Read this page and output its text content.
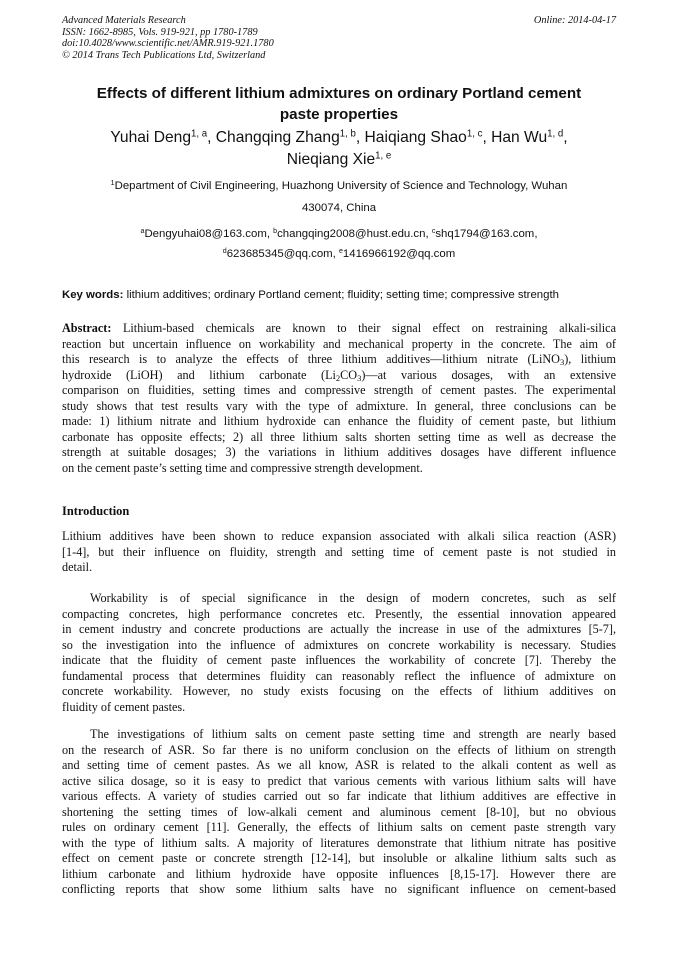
Advanced Materials Research
ISSN: 1662-8985, Vols. 919-921, pp 1780-1789
doi:10.4028/www.scientific.net/AMR.919-921.1780
© 2014 Trans Tech Publications Ltd, Switzerland
Online: 2014-04-17
Effects of different lithium admixtures on ordinary Portland cement
paste properties
Yuhai Deng$^{1, a}$, Changqing Zhang$^{1, b}$, Haiqiang Shao$^{1, c}$, Han Wu$^{1, d}$,
Nieqiang Xie$^{1, e}$
$^1$Department of Civil Engineering, Huazhong University of Science and Technology, Wuhan
430074, China
$^a$Dengyuhai08@163.com, $^b$changqing2008@hust.edu.cn, $^c$shq1794@163.com,
$^d$623685345@qq.com, $^e$1416966192@qq.com
Key words: lithium additives; ordinary Portland cement; fluidity; setting time; compressive strength
Abstract: Lithium-based chemicals are known to their signal effect on restraining alkali-silica
reaction but uncertain influence on workability and mechanical property in the concrete. The aim of
this research is to analyze the effects of three lithium additives—lithium nitrate (LiNO$_3$), lithium
hydroxide (LiOH) and lithium carbonate $(Li_2CO_3)—at$ various dosages, with an extensive
comparison on fluidities, setting times and compressive strength of cement pastes. The experimental
study shows that test results vary with the type of admixture. In general, three conclusions can be
made: 1) lithium nitrate and lithium hydroxide can enhance the fluidity of cement paste, but lithium
carbonate has opposite effects; 2) all three lithium salts shorten setting time as well as decrease the
strength at suitable dosages; 3) the variations in lithium additives dosages have different influence
on the cement paste’s setting time and compressive strength development.
Introduction
Lithium additives have been shown to reduce expansion associated with alkali silica reaction (ASR)
[1-4], but their influence on fluidity, strength and setting time of cement paste is not studied in
detail.
Workability is of special significance in the design of modern concretes, such as self
compacting concretes, high performance concretes etc. Presently, the essential innovation appeared
in cement industry and concrete productions are actually the increase in use of the admixtures [5-7],
so the investigation into the influence of admixtures on concrete workability is necessary. Studies
indicate that the fluidity of cement paste influences the workability of concrete [7]. Thereby the
fundamental process that determines fluidity can reasonably reflect the influence of admixture on
concrete workability. However, no study exists focusing on the effects of lithium additives on
fluidity of cement pastes.
The investigations of lithium salts on cement paste setting time and strength are nearly based
on the research of ASR. So far there is no uniform conclusion on the effects of lithium on strength
and setting time of cement pastes. As we all know, ASR is related to the alkali content as well as
active silica dosage, so it is easy to predict that various cements with various lithium salts will have
various effects. A variety of studies carried out so far indicate that lithium additives are effective in
shortening the setting times of low-alkali cement and aluminous cement [8-10], but no obvious
rules on ordinary cement [11]. Generally, the effects of lithium salts on cement paste strength vary
with the type of lithium salts. A majority of literatures demonstrate that lithium nitrate has positive
effect on cement paste or concrete strength [12-14], but insoluble or alkaline lithium salts such as
lithium carbonate and lithium hydroxide have opposite influences [8,15-17]. However there are
conflicting reports that show some lithium salts have no significant influence on cement-based
